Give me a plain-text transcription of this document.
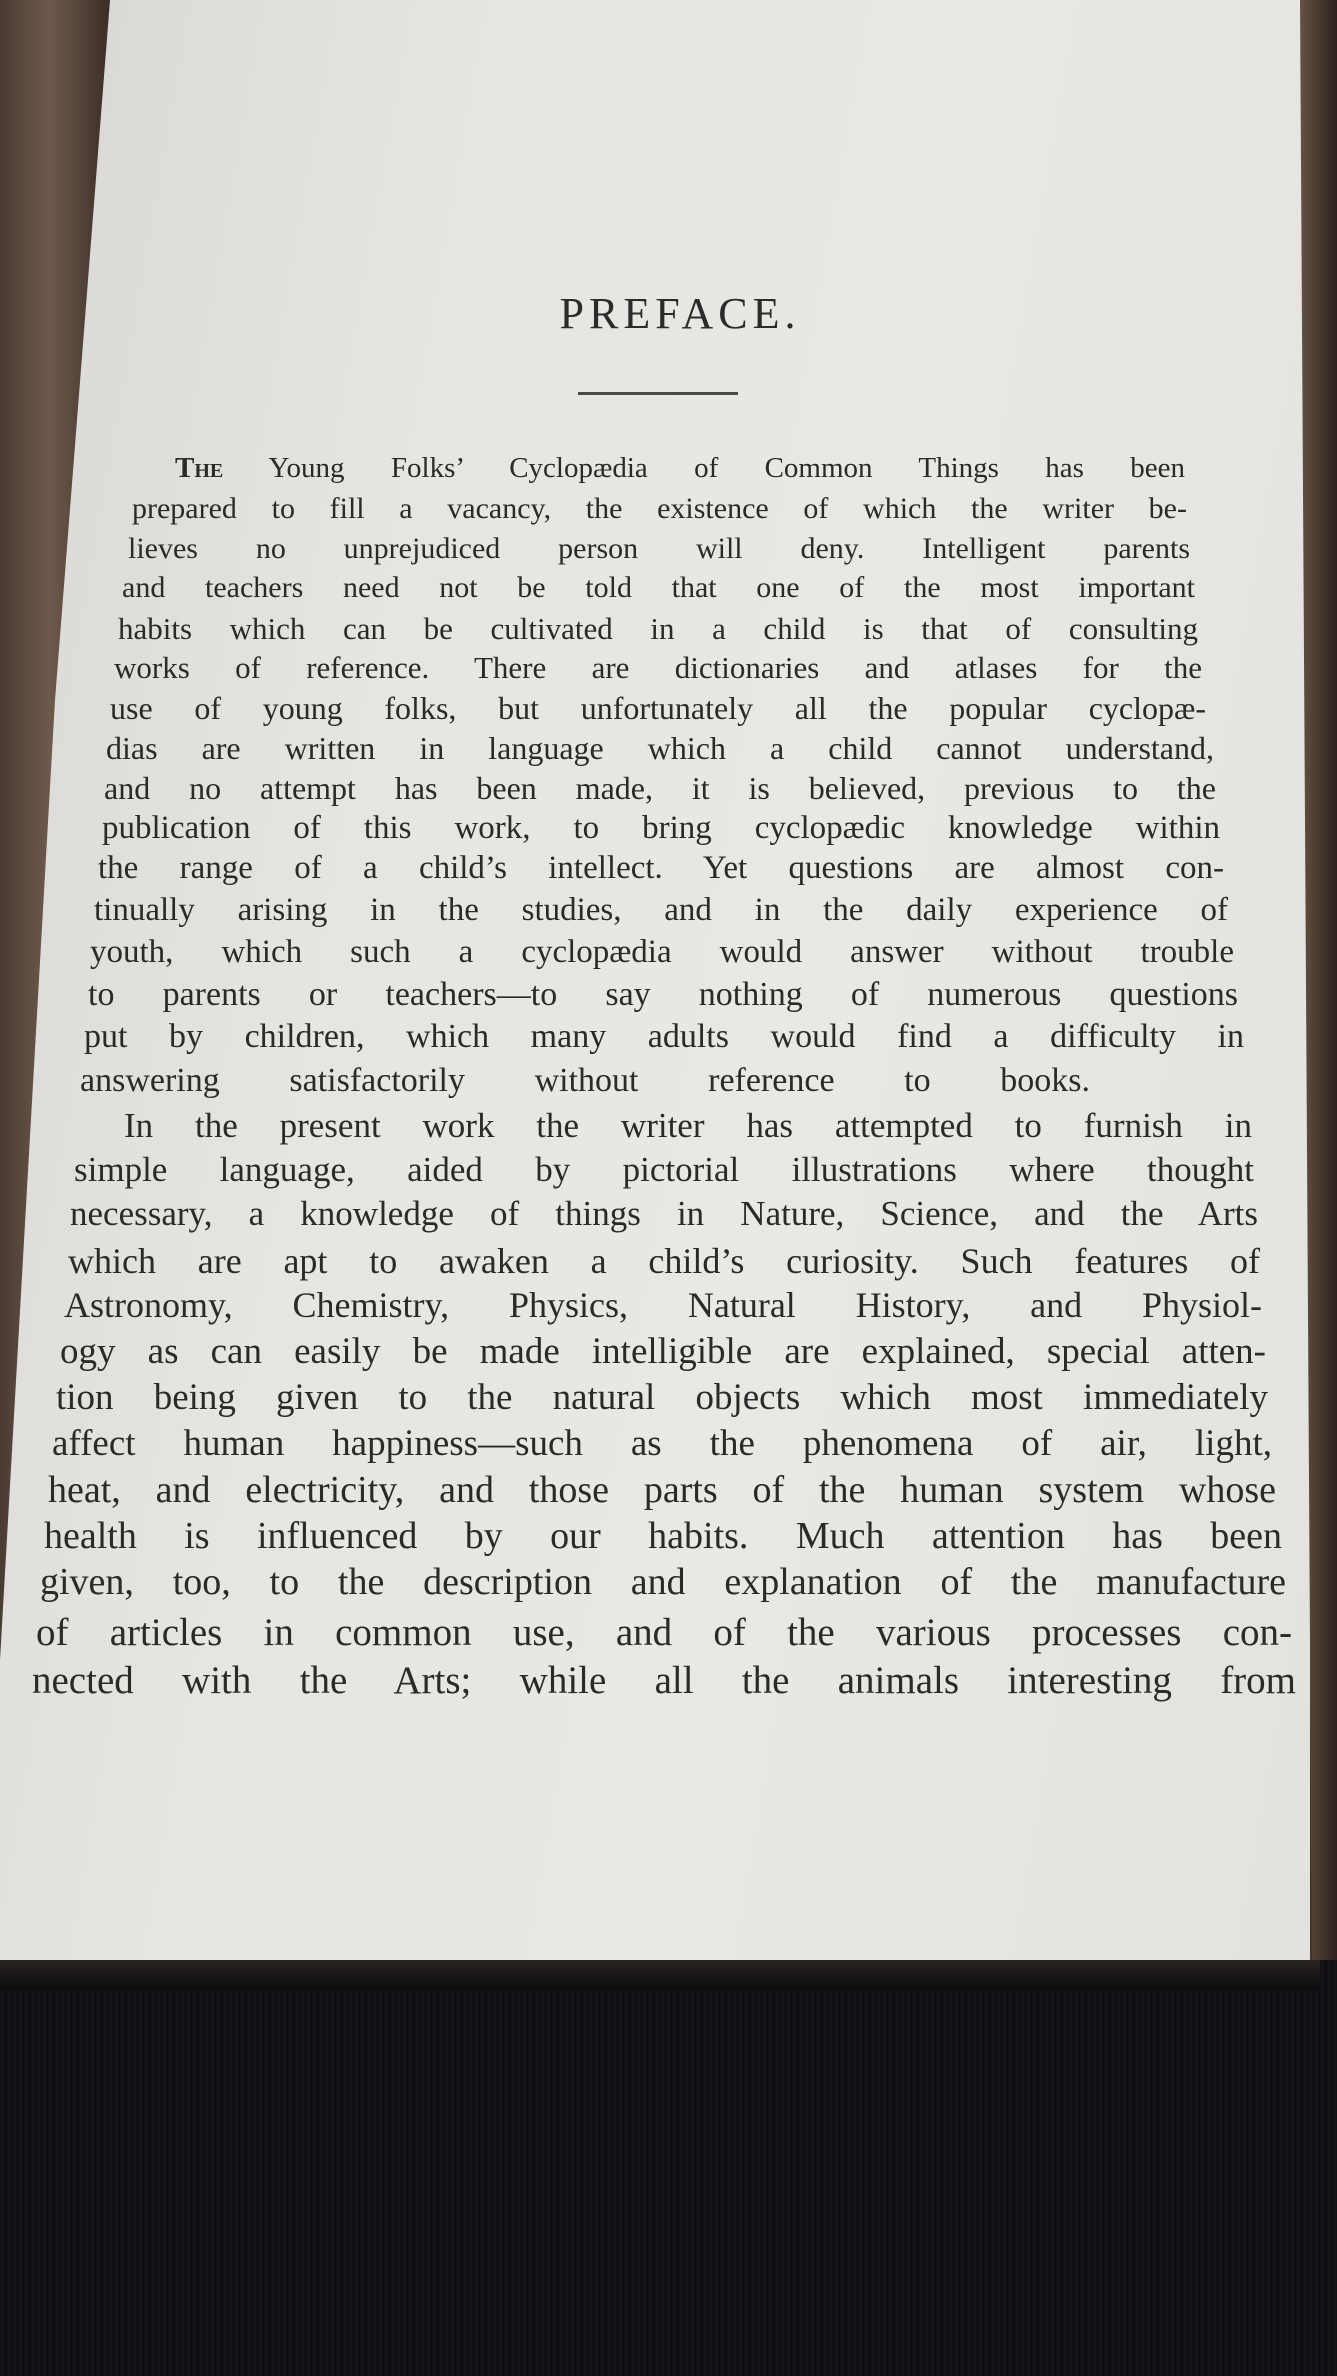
PREFACE.
The Young Folks’ Cyclopædia of Common Things has been
prepared to fill a vacancy, the existence of which the writer be-
lieves no unprejudiced person will deny. Intelligent parents
and teachers need not be told that one of the most important
habits which can be cultivated in a child is that of consulting
works of reference. There are dictionaries and atlases for the
use of young folks, but unfortunately all the popular cyclopæ-
dias are written in language which a child cannot understand,
and no attempt has been made, it is believed, previous to the
publication of this work, to bring cyclopædic knowledge within
the range of a child’s intellect. Yet questions are almost con-
tinually arising in the studies, and in the daily experience of
youth, which such a cyclopædia would answer without trouble
to parents or teachers—to say nothing of numerous questions
put by children, which many adults would find a difficulty in
answering satisfactorily without reference to books.
In the present work the writer has attempted to furnish in
simple language, aided by pictorial illustrations where thought
necessary, a knowledge of things in Nature, Science, and the Arts
which are apt to awaken a child’s curiosity. Such features of
Astronomy, Chemistry, Physics, Natural History, and Physiol-
ogy as can easily be made intelligible are explained, special atten-
tion being given to the natural objects which most immediately
affect human happiness—such as the phenomena of air, light,
heat, and electricity, and those parts of the human system whose
health is influenced by our habits. Much attention has been
given, too, to the description and explanation of the manufacture
of articles in common use, and of the various processes con-
nected with the Arts; while all the animals interesting from
